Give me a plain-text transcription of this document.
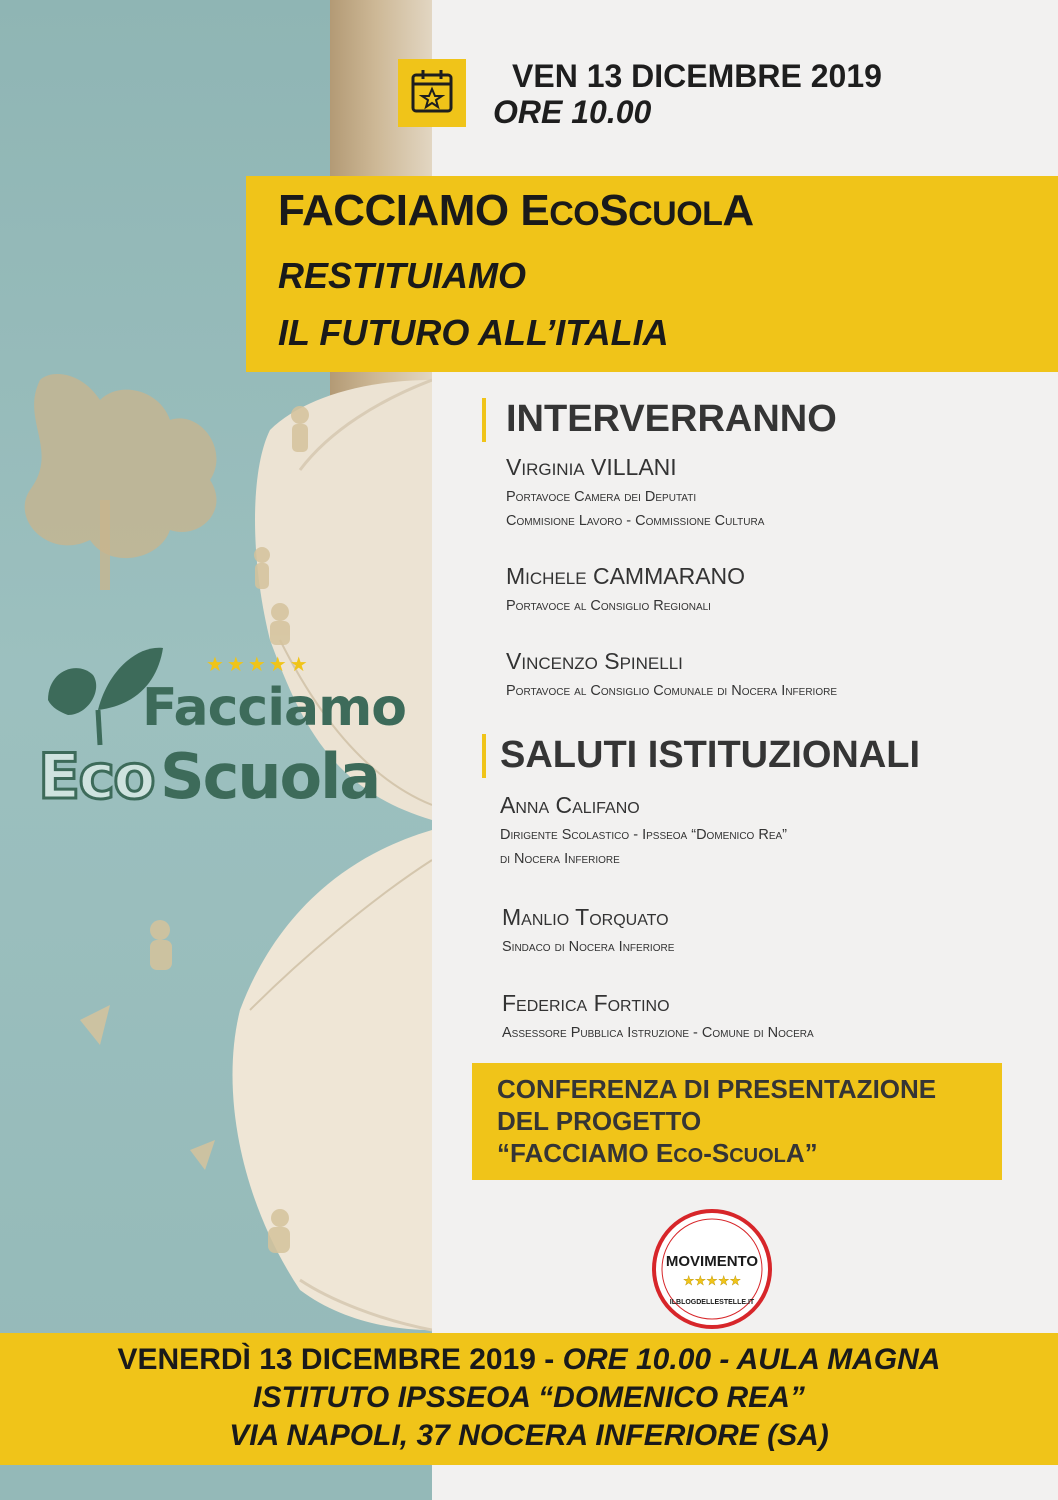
★★★★★
Facciamo
Eco Scuola
VEN 13 DICEMBRE 2019
ORE 10.00
FACCIAMO ECOSCUOLA
RESTITUIAMO
IL FUTURO ALL’ITALIA
INTERVERRANNO
VIRGINIA VILLANI
Portavoce Camera dei Deputati
Commisione Lavoro - Commissione Cultura
MICHELE CAMMARANO
Portavoce al Consiglio Regionali
VINCENZO SPINELLI
Portavoce al Consiglio Comunale di Nocera Inferiore
SALUTI ISTITUZIONALI
Anna Califano
Dirigente Scolastico - Ipsseoa “Domenico Rea”
di Nocera Inferiore
Manlio Torquato
Sindaco di Nocera Inferiore
Federica Fortino
Assessore Pubblica Istruzione - Comune di Nocera
CONFERENZA DI PRESENTAZIONE
DEL PROGETTO
“FACCIAMO ECO-SCUOLA”
MOVIMENTO
★★★★★
ILBLOGDELLESTELLE.IT
VENERDÌ 13 DICEMBRE 2019 - ORE 10.00 - AULA MAGNA
ISTITUTO IPSSEOA “DOMENICO REA”
VIA NAPOLI, 37 NOCERA INFERIORE (SA)
